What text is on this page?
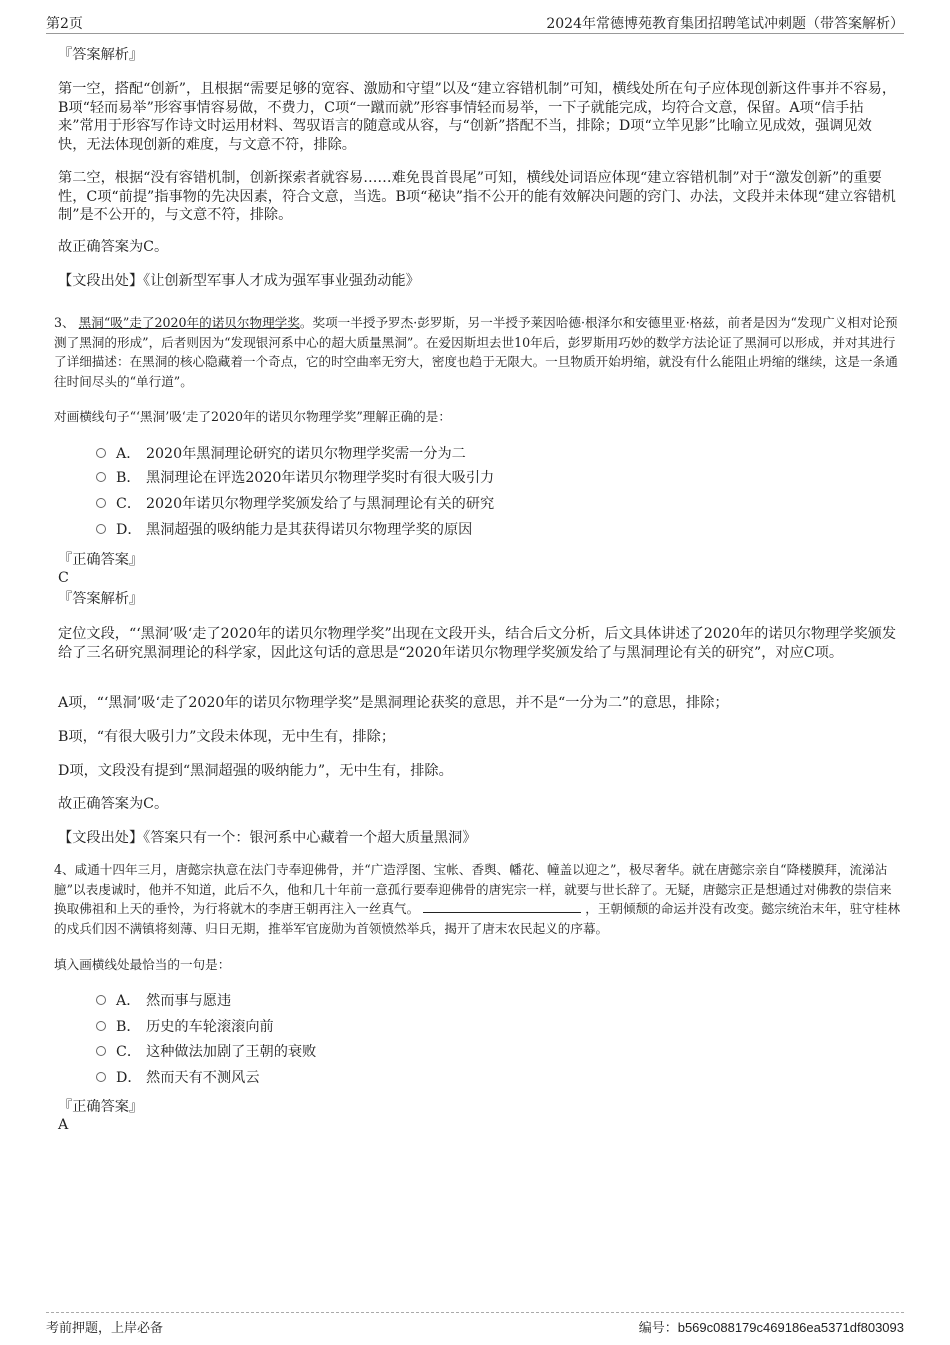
第2页	2024年常德博苑教育集团招聘笔试冲刺题（带答案解析）
『答案解析』
第一空，搭配“创新”，且根据“需要足够的宽容、激励和守望”以及“建立容错机制”可知，横线处所在句子应体现创新这件事并不容易，B项“轻而易举”形容事情容易做，不费力，C项“一蹴而就”形容事情轻而易举，一下子就能完成，均符合文意，保留。A项“信手拈来”常用于形容写作诗文时运用材料、驾驭语言的随意或从容，与“创新”搭配不当，排除；D项“立竿见影”比喻立见成效，强调见效快，无法体现创新的难度，与文意不符，排除。
第二空，根据“没有容错机制，创新探索者就容易……难免畏首畏尾”可知，横线处词语应体现“建立容错机制”对于“激发创新”的重要性，C项“前提”指事物的先决因素，符合文意，当选。B项“秘诀”指不公开的能有效解决问题的窍门、办法，文段并未体现“建立容错机制”是不公开的，与文意不符，排除。
故正确答案为C。
【文段出处】《让创新型军事人才成为强军事业强劲动能》
3、 黑洞“吸”走了2020年的诺贝尔物理学奖。奖项一半授予罗杰·彭罗斯，另一半授予莱因哈德·根泽尔和安德里亚·格兹，前者是因为“发现广义相对论预测了黑洞的形成”，后者则因为“发现银河系中心的超大质量黑洞”。在爱因斯坦去世10年后，彭罗斯用巧妙的数学方法论证了黑洞可以形成，并对其进行了详细描述：在黑洞的核心隐藏着一个奇点，它的时空曲率无穷大，密度也趋于无限大。一旦物质开始坍缩，就没有什么能阻止坍缩的继续，这是一条通往时间尽头的“单行道”。
对画横线句子“‘黑洞’吸‘走了2020年的诺贝尔物理学奖”理解正确的是：
A． 2020年黑洞理论研究的诺贝尔物理学奖需一分为二
B． 黑洞理论在评选2020年诺贝尔物理学奖时有很大吸引力
C． 2020年诺贝尔物理学奖颁发给了与黑洞理论有关的研究
D． 黑洞超强的吸纳能力是其获得诺贝尔物理学奖的原因
『正确答案』
C
『答案解析』
定位文段，“‘黑洞’吸‘走了2020年的诺贝尔物理学奖”出现在文段开头，结合后文分析，后文具体讲述了2020年的诺贝尔物理学奖颁发给了三名研究黑洞理论的科学家，因此这句话的意思是“2020年诺贝尔物理学奖颁发给了与黑洞理论有关的研究”，对应C项。
A项，“‘黑洞’吸‘走了2020年的诺贝尔物理学奖”是黑洞理论获奖的意思，并不是“一分为二”的意思，排除；
B项，“有很大吸引力”文段未体现，无中生有，排除；
D项，文段没有提到“黑洞超强的吸纳能力”，无中生有，排除。
故正确答案为C。
【文段出处】《答案只有一个：银河系中心藏着一个超大质量黑洞》
4、咸通十四年三月，唐懿宗执意在法门寺奉迎佛骨，并“广造浮图、宝帐、香舆、幡花、幢盖以迎之”，极尽奢华。就在唐懿宗亲自“降楼膜拜，流涕沾臆”以表虔诚时，他并不知道，此后不久，他和几十年前一意孤行要奉迎佛骨的唐宪宗一样，就要与世长辞了。无疑，唐懿宗正是想通过对佛教的崇信来换取佛祖和上天的垂怜，为行将就木的李唐王朝再注入一丝真气。	，王朝倾颓的命运并没有改变。懿宗统治末年，驻守桂林的戍兵们因不满镇将刻薄、归日无期，推举军官庞勋为首领愤然举兵，揭开了唐末农民起义的序幕。
填入画横线处最恰当的一句是：
A． 然而事与愿违
B． 历史的车轮滚滚向前
C． 这种做法加剧了王朝的衰败
D． 然而天有不测风云
『正确答案』
A
考前押题，上岸必备	编号：b569c088179c469186ea5371df803093
